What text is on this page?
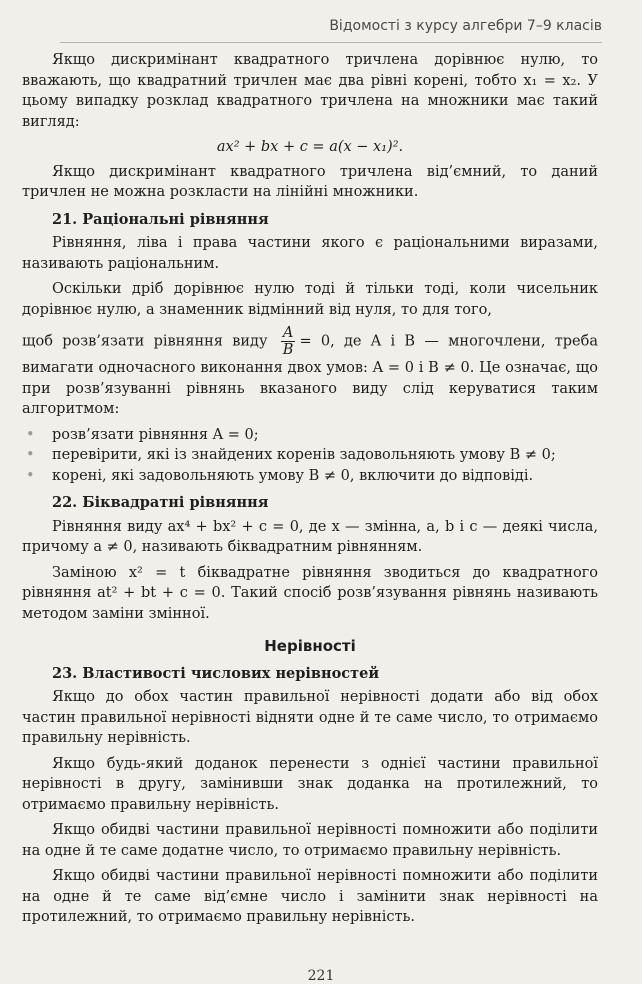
Відомості з курсу алгебри 7–9 класів

Якщо дискримінант квадратного тричлена дорівнює нулю, то вважають, що квадратний тричлен має два рівні корені, тобто x₁ = x₂. У цьому випадку розклад квадратного тричлена на множники має такий вигляд:

ax² + bx + c = a(x − x₁)².

Якщо дискримінант квадратного тричлена від’ємний, то даний тричлен не можна розкласти на лінійні множники.

21. Раціональні рівняння

Рівняння, ліва і права частини якого є раціональними виразами, називають раціональним.

Оскільки дріб дорівнює нулю тоді й тільки тоді, коли чисельник дорівнює нулю, а знаменник відмінний від нуля, то для того,

щоб розв’язати рівняння виду $\frac{A}{B} = 0$, де A і B — многочлени, треба вимагати одночасного виконання двох умов: A = 0 і B ≠ 0. Це означає, що при розв’язуванні рівнянь вказаного виду слід керуватися таким алгоритмом:

• розв’язати рівняння A = 0;
• перевірити, які із знайдених коренів задовольняють умову B ≠ 0;
• корені, які задовольняють умову B ≠ 0, включити до відповіді.
22. Біквадратні рівняння

Рівняння виду ax⁴ + bx² + c = 0, де x — змінна, a, b і c — деякі числа, причому a ≠ 0, називають біквадратним рівнянням.

Заміною x² = t біквадратне рівняння зводиться до квадратного рівняння at² + bt + c = 0. Такий спосіб розв’язування рівнянь називають методом заміни змінної.

Нерівності
23. Властивості числових нерівностей

Якщо до обох частин правильної нерівності додати або від обох частин правильної нерівності відняти одне й те саме число, то отримаємо правильну нерівність.

Якщо будь-який доданок перенести з однієї частини правильної нерівності в другу, замінивши знак доданка на протилежний, то отримаємо правильну нерівність.

Якщо обидві частини правильної нерівності помножити або поділити на одне й те саме додатне число, то отримаємо правильну нерівність.

Якщо обидві частини правильної нерівності помножити або поділити на одне й те саме від’ємне число і замінити знак нерівності на протилежний, то отримаємо правильну нерівність.

221
